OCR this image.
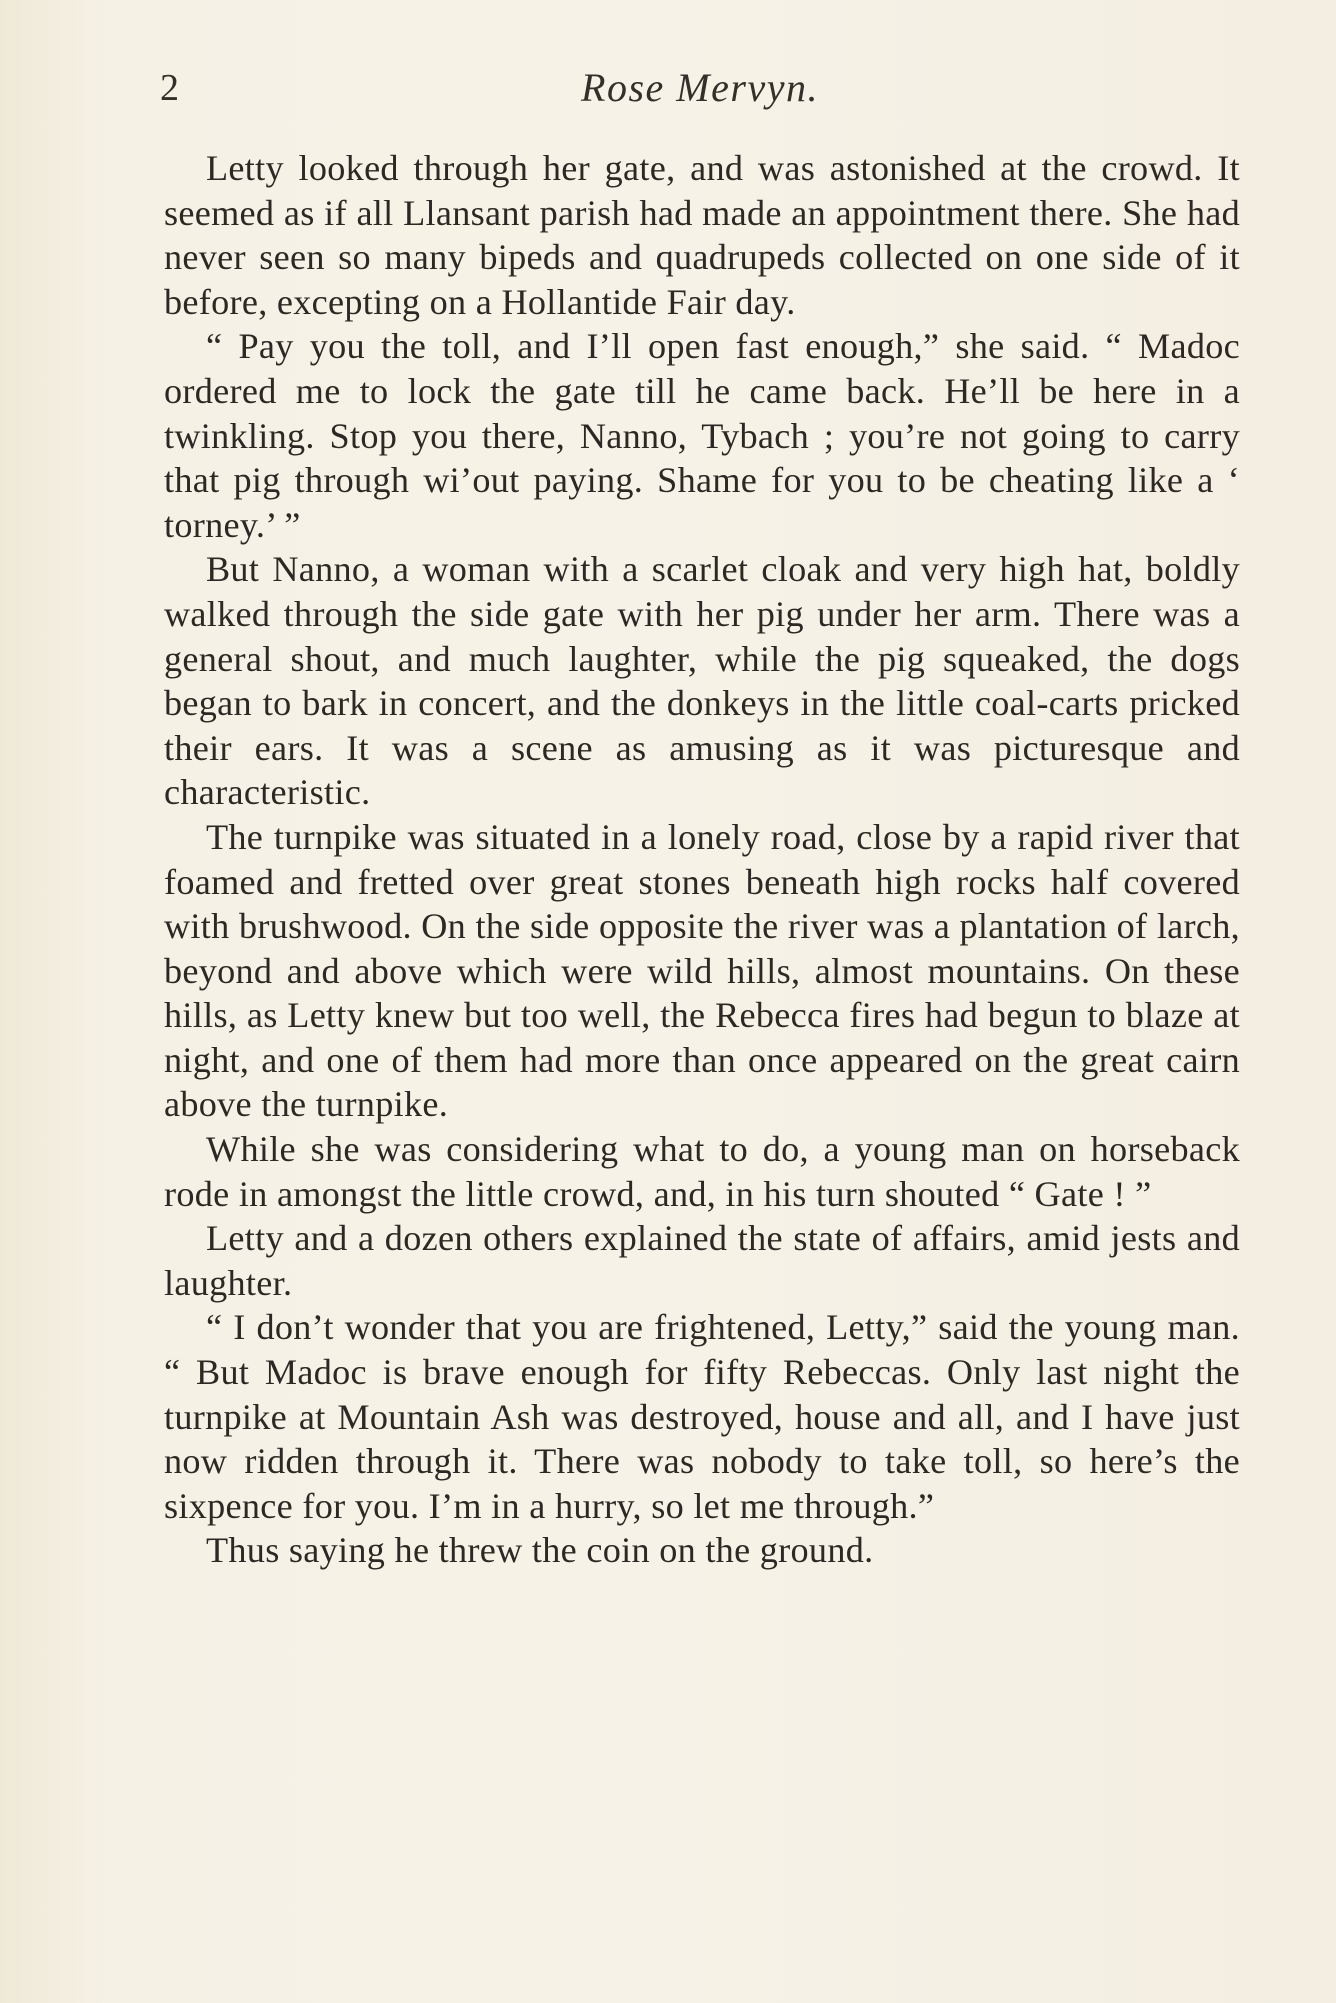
2	Rose Mervyn.

Letty looked through her gate, and was astonished at the crowd. It seemed as if all Llansant parish had made an appointment there. She had never seen so many bipeds and quadrupeds collected on one side of it before, excepting on a Hollantide Fair day.

“ Pay you the toll, and I’ll open fast enough,” she said. “ Madoc ordered me to lock the gate till he came back. He’ll be here in a twinkling. Stop you there, Nanno, Tybach ; you’re not going to carry that pig through wi’out paying. Shame for you to be cheating like a ‘ torney.’ ”

But Nanno, a woman with a scarlet cloak and very high hat, boldly walked through the side gate with her pig under her arm. There was a general shout, and much laughter, while the pig squeaked, the dogs began to bark in concert, and the donkeys in the little coal-carts pricked their ears. It was a scene as amusing as it was picturesque and characteristic.

The turnpike was situated in a lonely road, close by a rapid river that foamed and fretted over great stones beneath high rocks half covered with brushwood. On the side opposite the river was a plantation of larch, beyond and above which were wild hills, almost mountains. On these hills, as Letty knew but too well, the Rebecca fires had begun to blaze at night, and one of them had more than once appeared on the great cairn above the turnpike.

While she was considering what to do, a young man on horseback rode in amongst the little crowd, and, in his turn shouted “ Gate ! ”

Letty and a dozen others explained the state of affairs, amid jests and laughter.

“ I don’t wonder that you are frightened, Letty,” said the young man. “ But Madoc is brave enough for fifty Rebeccas. Only last night the turnpike at Mountain Ash was destroyed, house and all, and I have just now ridden through it. There was nobody to take toll, so here’s the sixpence for you. I’m in a hurry, so let me through.”

Thus saying he threw the coin on the ground.
